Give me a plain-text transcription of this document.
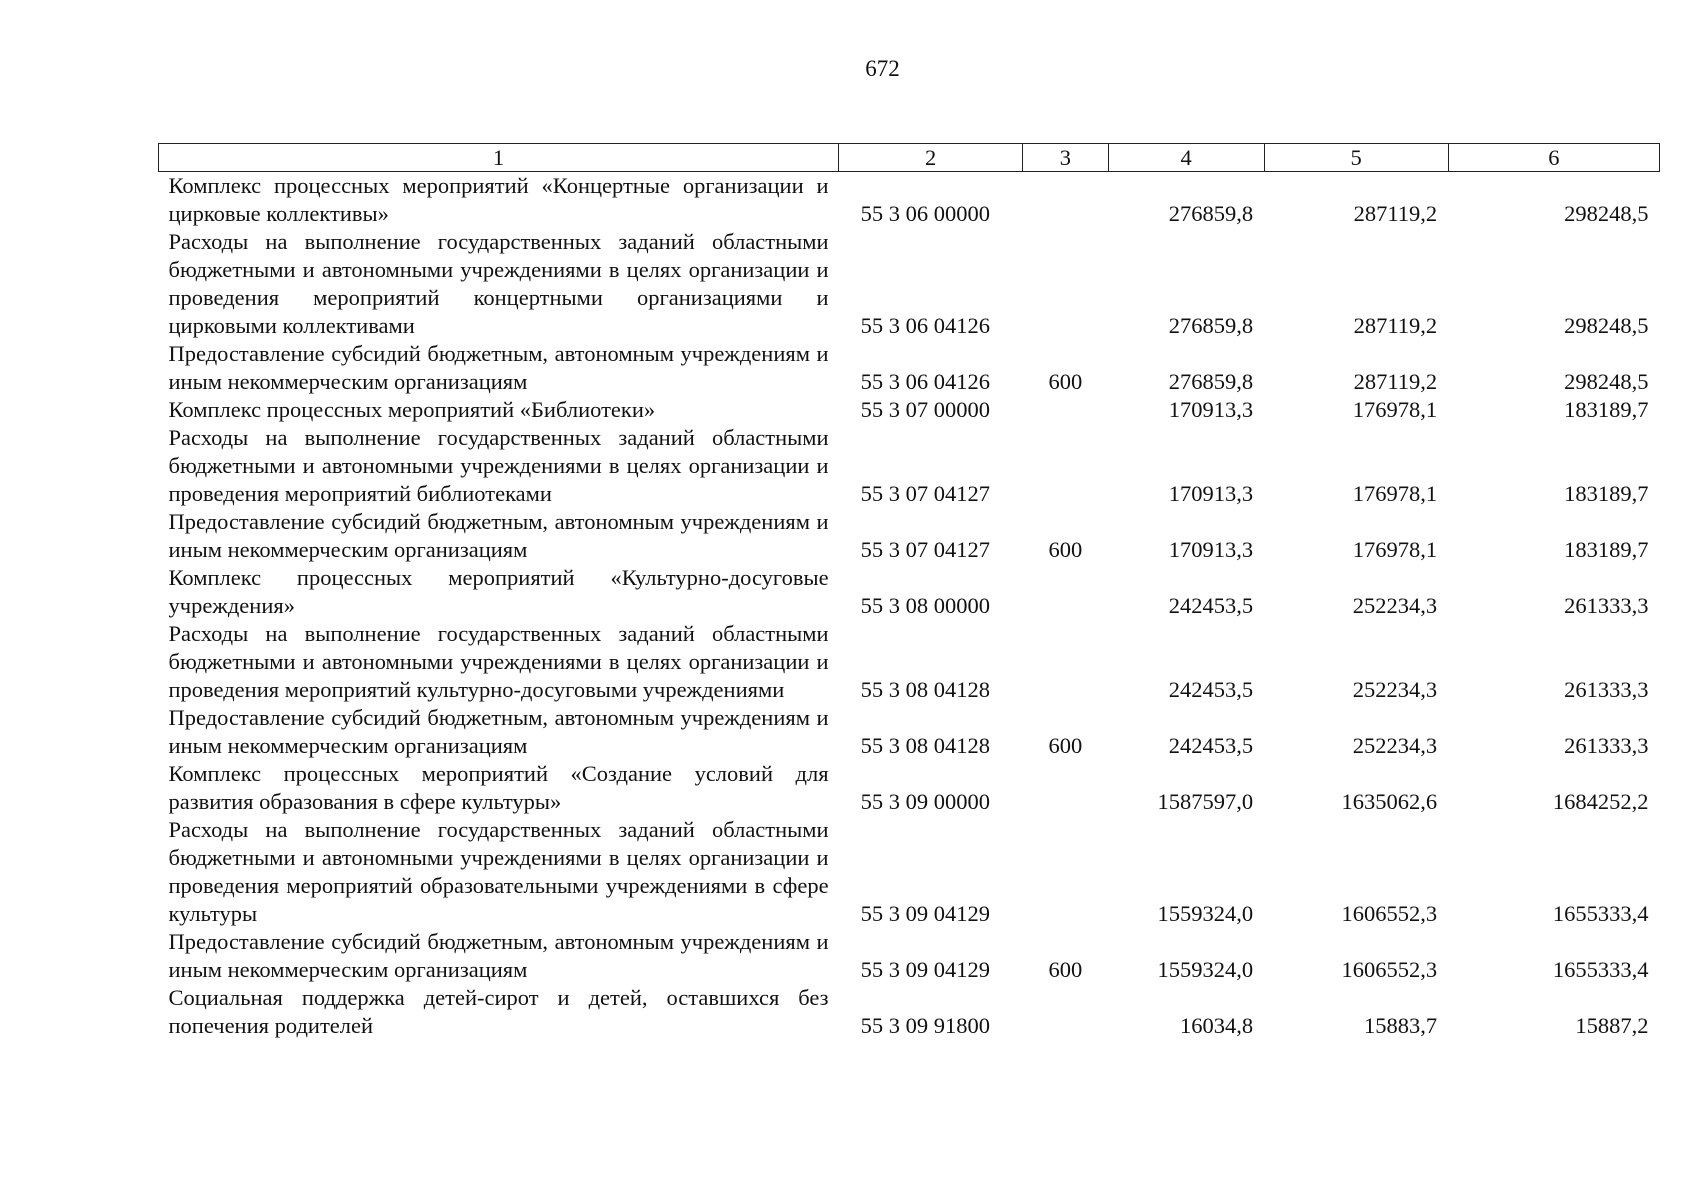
672
1	2	3	4	5	6
Комплекс процессных мероприятий «Концертные организации и цирковые коллективы»	55 3 06 00000		276859,8	287119,2	298248,5
Расходы на выполнение государственных заданий областными бюджетными и автономными учреждениями в целях организации и проведения мероприятий концертными организациями и цирковыми коллективами	55 3 06 04126		276859,8	287119,2	298248,5
Предоставление субсидий бюджетным, автономным учреждениям и иным некоммерческим организациям	55 3 06 04126	600	276859,8	287119,2	298248,5
Комплекс процессных мероприятий «Библиотеки»	55 3 07 00000		170913,3	176978,1	183189,7
Расходы на выполнение государственных заданий областными бюджетными и автономными учреждениями в целях организации и проведения мероприятий библиотеками	55 3 07 04127		170913,3	176978,1	183189,7
Предоставление субсидий бюджетным, автономным учреждениям и иным некоммерческим организациям	55 3 07 04127	600	170913,3	176978,1	183189,7
Комплекс процессных мероприятий «Культурно-досуговые учреждения»	55 3 08 00000		242453,5	252234,3	261333,3
Расходы на выполнение государственных заданий областными бюджетными и автономными учреждениями в целях организации и проведения мероприятий культурно-досуговыми учреждениями	55 3 08 04128		242453,5	252234,3	261333,3
Предоставление субсидий бюджетным, автономным учреждениям и иным некоммерческим организациям	55 3 08 04128	600	242453,5	252234,3	261333,3
Комплекс процессных мероприятий «Создание условий для развития образования в сфере культуры»	55 3 09 00000		1587597,0	1635062,6	1684252,2
Расходы на выполнение государственных заданий областными бюджетными и автономными учреждениями в целях организации и проведения мероприятий образовательными учреждениями в сфере культуры	55 3 09 04129		1559324,0	1606552,3	1655333,4
Предоставление субсидий бюджетным, автономным учреждениям и иным некоммерческим организациям	55 3 09 04129	600	1559324,0	1606552,3	1655333,4
Социальная поддержка детей-сирот и детей, оставшихся без попечения родителей	55 3 09 91800		16034,8	15883,7	15887,2
